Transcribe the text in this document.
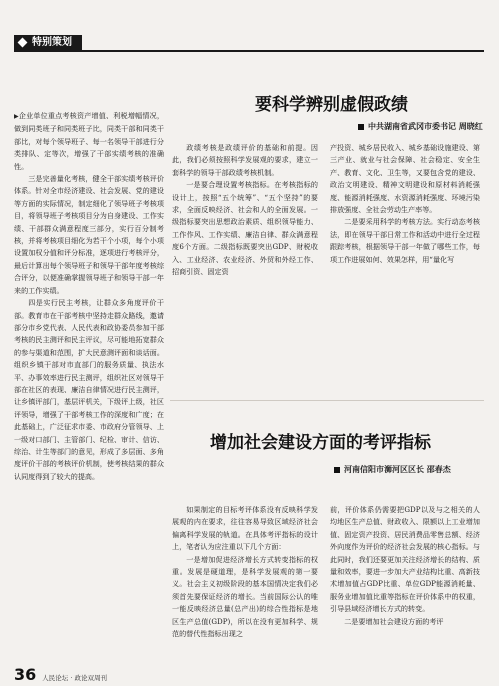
特别策划

▶企业单位重点考核资产增值、利税增幅情况，做到同类班子和同类班子比，同类干部和同类干部比，对每个领导班子、每一名领导干部进行分类排队、定等次，增强了干部实绩考核的准确性。

三是完善量化考核，健全干部实绩考核评价体系。针对全市经济建设、社会发展、党的建设等方面的实际情况，制定细化了领导班子考核项目，将领导班子考核项目分为自身建设、工作实绩、干部群众满意程度三部分，实行百分制考核，并将考核项目细化为若干个小项，每个小项设置加权分值和评分标准，逐项进行考核评分，最后计算出每个领导班子和领导干部年度考核综合评分，以便准确掌握领导班子和领导干部一年来的工作实绩。

四是实行民主考核，让群众多角度评价干部。教育市在干部考核中坚持走群众路线，邀请部分市乡党代表、人民代表和政协委员参加干部考核的民主测评和民主评议，尽可能地拓宽群众的参与渠道和范围，扩大民意测评面和谈话面。组织乡镇干部对市直部门的服务质量、执法水平、办事效率进行民主测评，组织社区对领导干部在社区的表现、廉洁自律情况进行民主测评，让乡镇评部门，基层评机关，下级评上级，社区评领导，增强了干部考核工作的深度和广度；在此基础上，广泛征求市委、市政府分管领导、上一级对口部门、主管部门、纪检、审计、信访、综治、计生等部门的意见，形成了多层面、多角度评价干部的考核评价机制，使考核结果的群众认同度得到了较大的提高。

要科学辨别虚假政绩
中共湖南省武冈市委书记 周晓红

政绩考核是政绩评价的基础和前提。因此，我们必须按照科学发展观的要求，建立一套科学的领导干部政绩考核机制。

一是要合理设置考核指标。在考核指标的设计上，按照“五个统筹”、“五个坚持”的要求，全面反映经济、社会和人的全面发展。一级指标要突出思想政治素质、组织领导能力、工作作风、工作实绩、廉洁自律、群众满意程度6个方面。二级指标既要突出GDP、财税收入、工业经济、农业经济、外贸和外经工作、招商引资、固定资

产投资、城乡居民收入、城乡基础设施建设、第三产业、就业与社会保障、社会稳定、安全生产、教育、文化、卫生等，又要包含党的建设、政治文明建设、精神文明建设和原材料消耗强度、能源消耗强度、水资源消耗强度、环境污染排放强度、全社会劳动生产率等。

二是要采用科学的考核方法。实行动态考核法，即在领导干部日常工作和活动中进行全过程跟踪考核，根据领导干部一年做了哪些工作，每项工作进展如何、效果怎样，用“量化写

增加社会建设方面的考评指标
河南信阳市浉河区区长 邵春杰

如果制定的目标考评体系没有反映科学发展观的内在要求，往往容易导致区域经济社会偏离科学发展的轨道。在具体考评指标的设计上，笔者认为应注重以下几个方面：

一是增加促进经济增长方式转变指标的权重。发展是硬道理，是科学发展观的第一要义。社会主义初级阶段的基本国情决定我们必须首先要保证经济的增长。当前国际公认的唯一能反映经济总量(总产出)的综合性指标是地区生产总值(GDP)，所以在没有更加科学、规范的替代性指标出现之

前，评价体系仍需要把GDP以及与之相关的人均地区生产总值、财政收入、限额以上工业增加值、固定资产投资、居民消费品零售总额、经济外向度作为评价的经济社会发展的核心指标。与此同时，我们还要更加关注经济增长的结构、质量和效率，要进一步加大产业结构比重、高新技术增加值占GDP比重、单位GDP能源消耗量、服务业增加值比重等指标在评价体系中的权重，引导县域经济增长方式的转变。

二是要增加社会建设方面的考评

36 人民论坛 · 政论双周刊
